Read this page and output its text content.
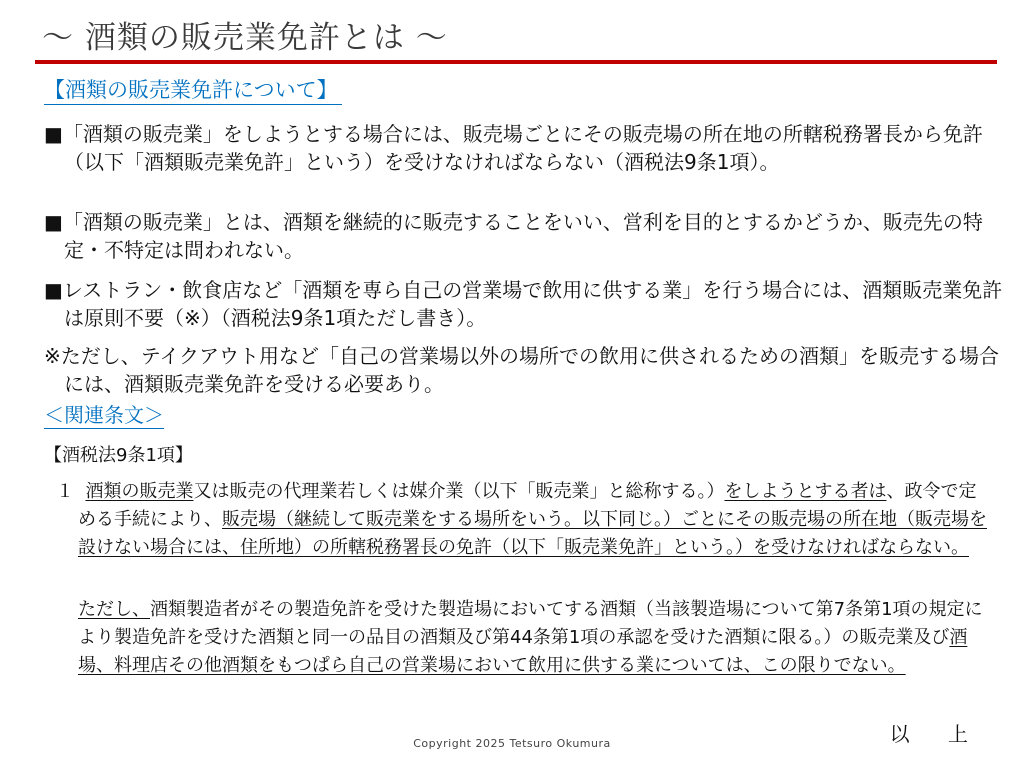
～ 酒類の販売業免許とは ～
【酒類の販売業免許について】
■「酒類の販売業」をしようとする場合には、販売場ごとにその販売場の所在地の所轄税務署長から免許（以下「酒類販売業免許」という）を受けなければならない（酒税法9条1項）。
■「酒類の販売業」とは、酒類を継続的に販売することをいい、営利を目的とするかどうか、販売先の特定・不特定は問われない。
■レストラン・飲食店など「酒類を専ら自己の営業場で飲用に供する業」を行う場合には、酒類販売業免許は原則不要（※）（酒税法9条1項ただし書き）。
※ただし、テイクアウト用など「自己の営業場以外の場所での飲用に供されるための酒類」を販売する場合には、酒類販売業免許を受ける必要あり。
＜関連条文＞
【酒税法9条1項】
１ 酒類の販売業又は販売の代理業若しくは媒介業（以下「販売業」と総称する。）をしようとする者は、政令で定める手続により、販売場（継続して販売業をする場所をいう。以下同じ。）ごとにその販売場の所在地（販売場を設けない場合には、住所地）の所轄税務署長の免許（以下「販売業免許」という。）を受けなければならない。
ただし、酒類製造者がその製造免許を受けた製造場においてする酒類（当該製造場について第7条第1項の規定により製造免許を受けた酒類と同一の品目の酒類及び第44条第1項の承認を受けた酒類に限る。）の販売業及び酒場、料理店その他酒類をもつぱら自己の営業場において飲用に供する業については、この限りでない。
Copyright 2025 Tetsuro Okumura	以 上
